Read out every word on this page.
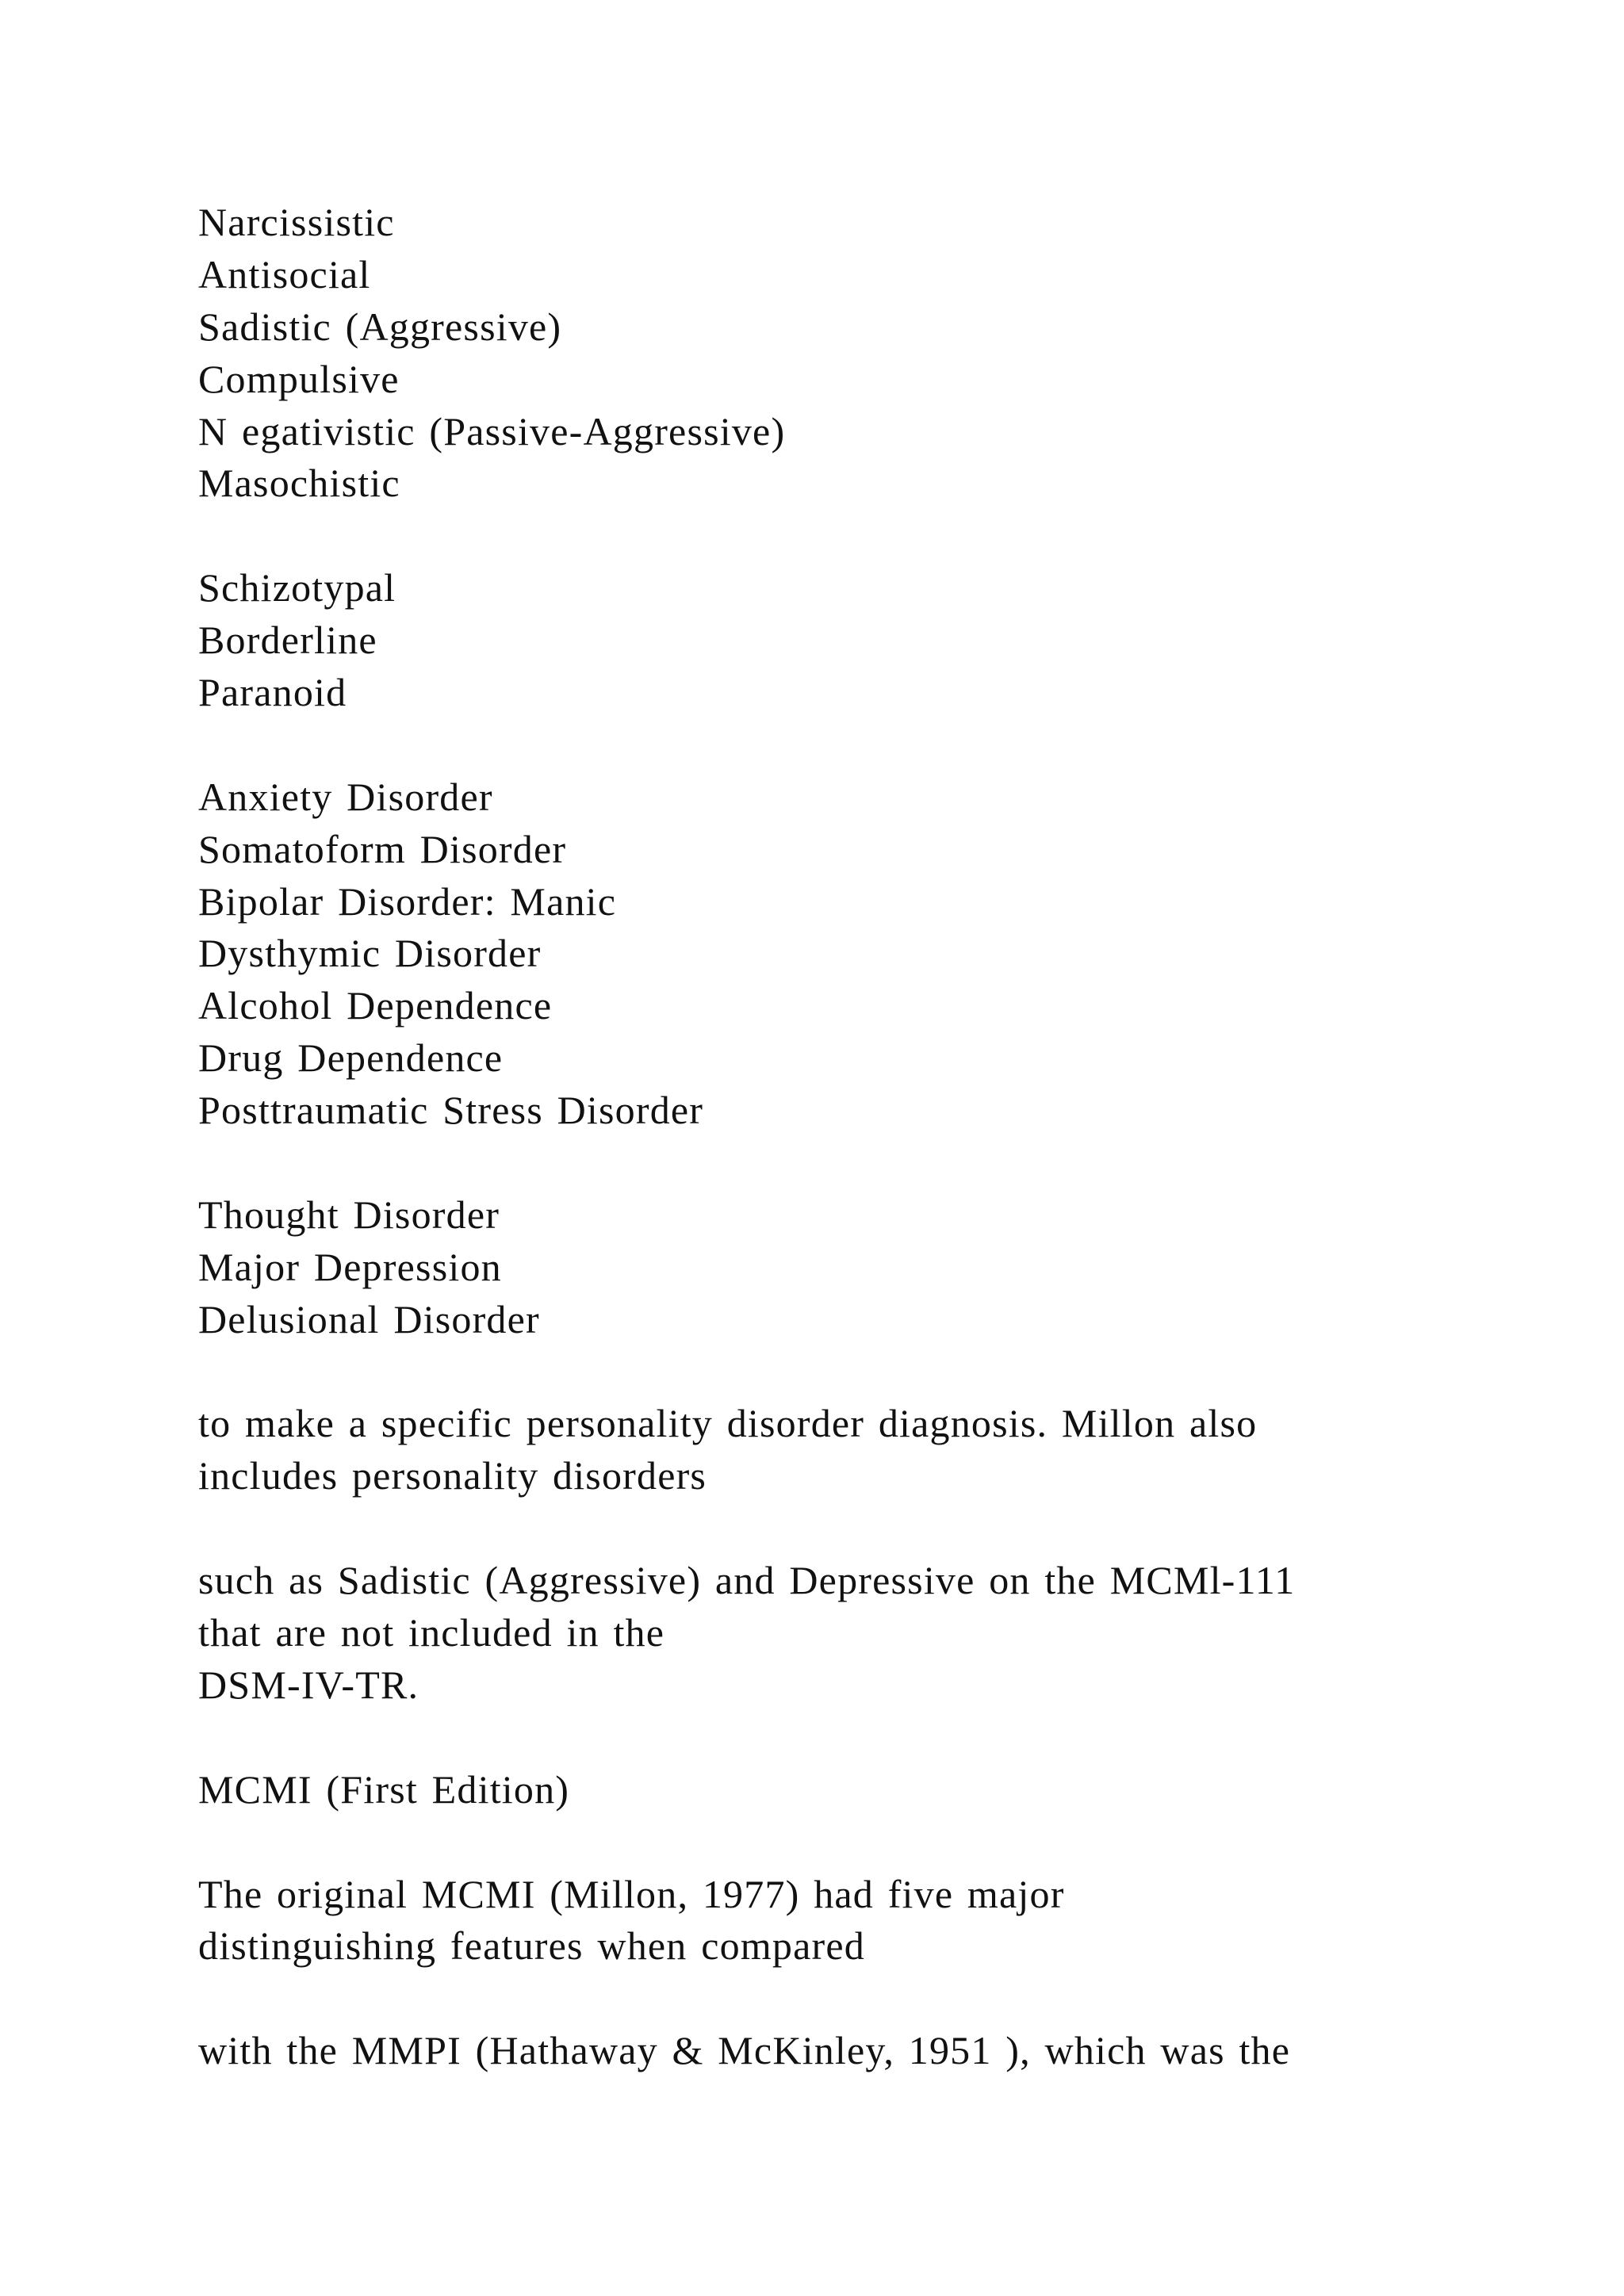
Narcissistic
Antisocial
Sadistic (Aggressive)
Compulsive
N egativistic (Passive-Aggressive)
Masochistic
Schizotypal
Borderline
Paranoid
Anxiety Disorder
Somatoform Disorder
Bipolar Disorder: Manic
Dysthymic Disorder
Alcohol Dependence
Drug Dependence
Posttraumatic Stress Disorder
Thought Disorder
Major Depression
Delusional Disorder
to make a specific personality disorder diagnosis. Millon also
includes personality disorders
such as Sadistic (Aggressive) and Depressive on the MCMl-111
that are not included in the
DSM-IV-TR.
MCMI (First Edition)
The original MCMI (Millon, 1977) had five major
distinguishing features when compared
with the MMPI (Hathaway & McKinley, 1951 ), which was the
